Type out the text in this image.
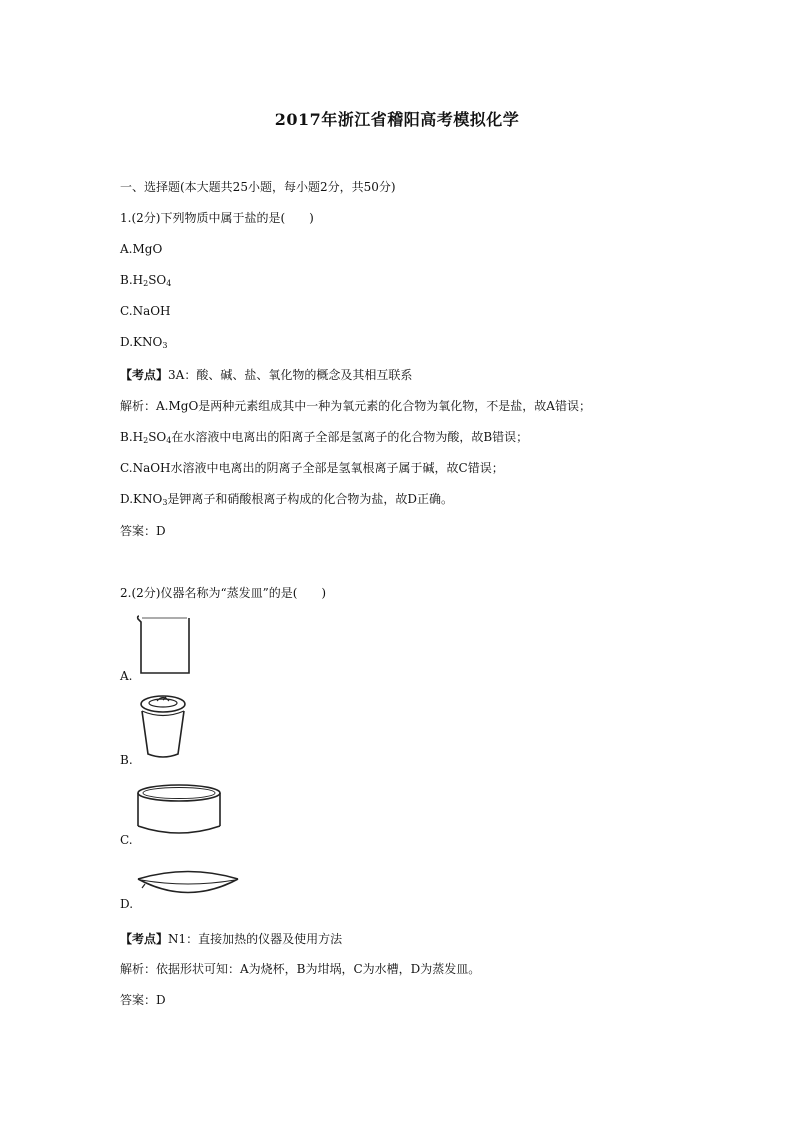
2017年浙江省稽阳高考模拟化学
一、选择题(本大题共25小题，每小题2分，共50分)
1.(2分)下列物质中属于盐的是(　　)
A.MgO
$B.H_2SO_4$
C.NaOH
$D.KNO_3$
【考点】3A：酸、碱、盐、氧化物的概念及其相互联系
解析：A.MgO是两种元素组成其中一种为氧元素的化合物为氧化物，不是盐，故A错误；
$B.H_2SO_4$在水溶液中电离出的阳离子全部是氢离子的化合物为酸，故B错误；
C.NaOH水溶液中电离出的阴离子全部是氢氧根离子属于碱，故C错误；
$D.KNO_3$是钾离子和硝酸根离子构成的化合物为盐，故D正确。
答案：D
2.(2分)仪器名称为“蒸发皿”的是(　　)
A.
B.
C.
D.
【考点】N1：直接加热的仪器及使用方法
解析：依据形状可知：A为烧杯，B为坩埚，C为水槽，D为蒸发皿。
答案：D
